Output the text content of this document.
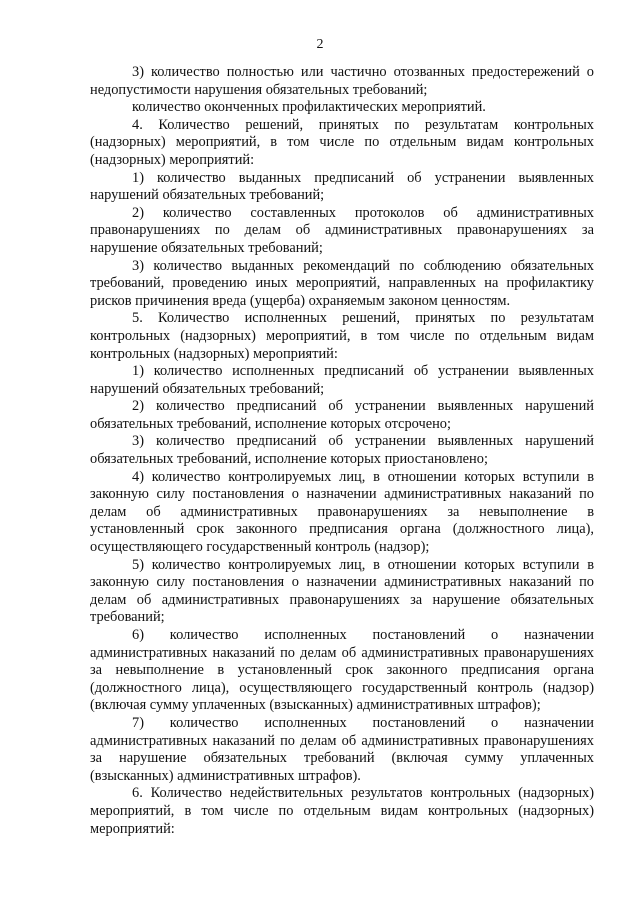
2

3) количество полностью или частично отозванных предостережений о недопустимости нарушения обязательных требований;

количество оконченных профилактических мероприятий.

4. Количество решений, принятых по результатам контрольных (надзорных) мероприятий, в том числе по отдельным видам контрольных (надзорных) мероприятий:

1) количество выданных предписаний об устранении выявленных нарушений обязательных требований;

2) количество составленных протоколов об административных правонарушениях по делам об административных правонарушениях за нарушение обязательных требований;

3) количество выданных рекомендаций по соблюдению обязательных требований, проведению иных мероприятий, направленных на профилактику рисков причинения вреда (ущерба) охраняемым законом ценностям.

5. Количество исполненных решений, принятых по результатам контрольных (надзорных) мероприятий, в том числе по отдельным видам контрольных (надзорных) мероприятий:

1) количество исполненных предписаний об устранении выявленных нарушений обязательных требований;

2) количество предписаний об устранении выявленных нарушений обязательных требований, исполнение которых отсрочено;

3) количество предписаний об устранении выявленных нарушений обязательных требований, исполнение которых приостановлено;

4) количество контролируемых лиц, в отношении которых вступили в законную силу постановления о назначении административных наказаний по делам об административных правонарушениях за невыполнение в установленный срок законного предписания органа (должностного лица), осуществляющего государственный контроль (надзор);

5) количество контролируемых лиц, в отношении которых вступили в законную силу постановления о назначении административных наказаний по делам об административных правонарушениях за нарушение обязательных требований;

6) количество исполненных постановлений о назначении административных наказаний по делам об административных правонарушениях за невыполнение в установленный срок законного предписания органа (должностного лица), осуществляющего государственный контроль (надзор) (включая сумму уплаченных (взысканных) административных штрафов);

7) количество исполненных постановлений о назначении административных наказаний по делам об административных правонарушениях за нарушение обязательных требований (включая сумму уплаченных (взысканных) административных штрафов).

6. Количество недействительных результатов контрольных (надзорных) мероприятий, в том числе по отдельным видам контрольных (надзорных) мероприятий:
